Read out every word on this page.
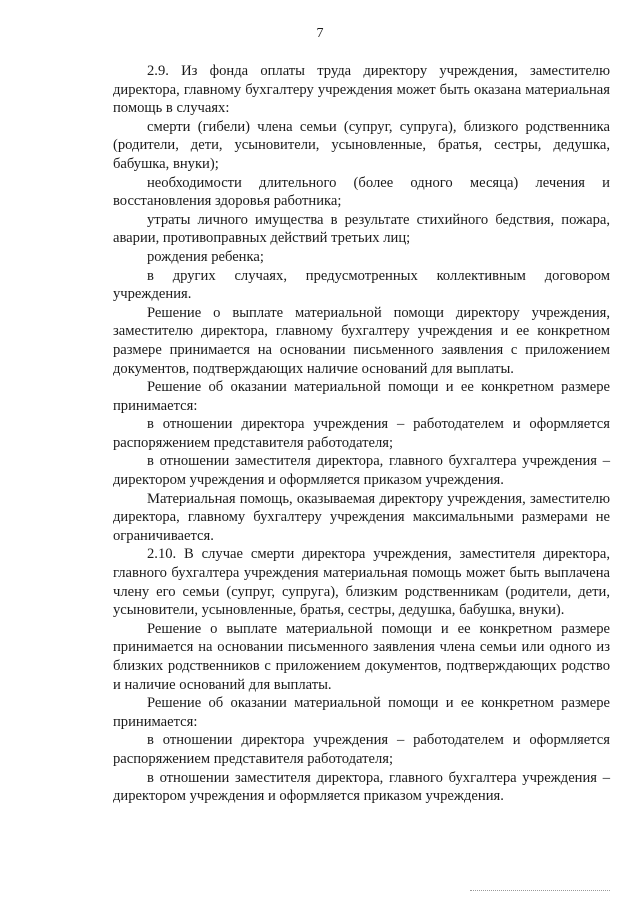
7

2.9. Из фонда оплаты труда директору учреждения, заместителю директора, главному бухгалтеру учреждения может быть оказана материальная помощь в случаях:

смерти (гибели) члена семьи (супруг, супруга), близкого родственника (родители, дети, усыновители, усыновленные, братья, сестры, дедушка, бабушка, внуки);

необходимости длительного (более одного месяца) лечения и восстановления здоровья работника;

утраты личного имущества в результате стихийного бедствия, пожара, аварии, противоправных действий третьих лиц;

рождения ребенка;

в других случаях, предусмотренных коллективным договором учреждения.

Решение о выплате материальной помощи директору учреждения, заместителю директора, главному бухгалтеру учреждения и ее конкретном размере принимается на основании письменного заявления с приложением документов, подтверждающих наличие оснований для выплаты.

Решение об оказании материальной помощи и ее конкретном размере принимается:

в отношении директора учреждения – работодателем и оформляется распоряжением представителя работодателя;

в отношении заместителя директора, главного бухгалтера учреждения – директором учреждения и оформляется приказом учреждения.

Материальная помощь, оказываемая директору учреждения, заместителю директора, главному бухгалтеру учреждения максимальными размерами не ограничивается.

2.10. В случае смерти директора учреждения, заместителя директора, главного бухгалтера учреждения материальная помощь может быть выплачена члену его семьи (супруг, супруга), близким родственникам (родители, дети, усыновители, усыновленные, братья, сестры, дедушка, бабушка, внуки).

Решение о выплате материальной помощи и ее конкретном размере принимается на основании письменного заявления члена семьи или одного из близких родственников с приложением документов, подтверждающих родство и наличие оснований для выплаты.

Решение об оказании материальной помощи и ее конкретном размере принимается:

в отношении директора учреждения – работодателем и оформляется распоряжением представителя работодателя;

в отношении заместителя директора, главного бухгалтера учреждения – директором учреждения и оформляется приказом учреждения.
